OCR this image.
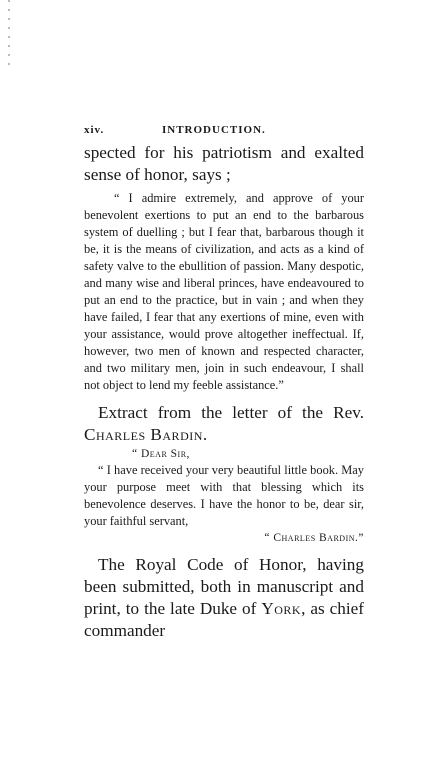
xiv.	INTRODUCTION.

spected for his patriotism and exalted sense of honor, says ;

“ I admire extremely, and approve of your benevolent exertions to put an end to the barbarous system of duelling ; but I fear that, barbarous though it be, it is the means of civilization, and acts as a kind of safety valve to the ebullition of passion. Many despotic, and many wise and liberal princes, have endeavoured to put an end to the practice, but in vain ; and when they have failed, I fear that any exertions of mine, even with your assistance, would prove altogether ineffectual. If, however, two men of known and respected character, and two military men, join in such endeavour, I shall not object to lend my feeble assistance.”

Extract from the letter of the Rev. Charles Bardin.

“ Dear Sir,

“ I have received your very beautiful little book. May your purpose meet with that blessing which its benevolence deserves. I have the honor to be, dear sir, your faithful servant,

“ Charles Bardin.”

The Royal Code of Honor, having been submitted, both in manuscript and print, to the late Duke of York, as chief commander
